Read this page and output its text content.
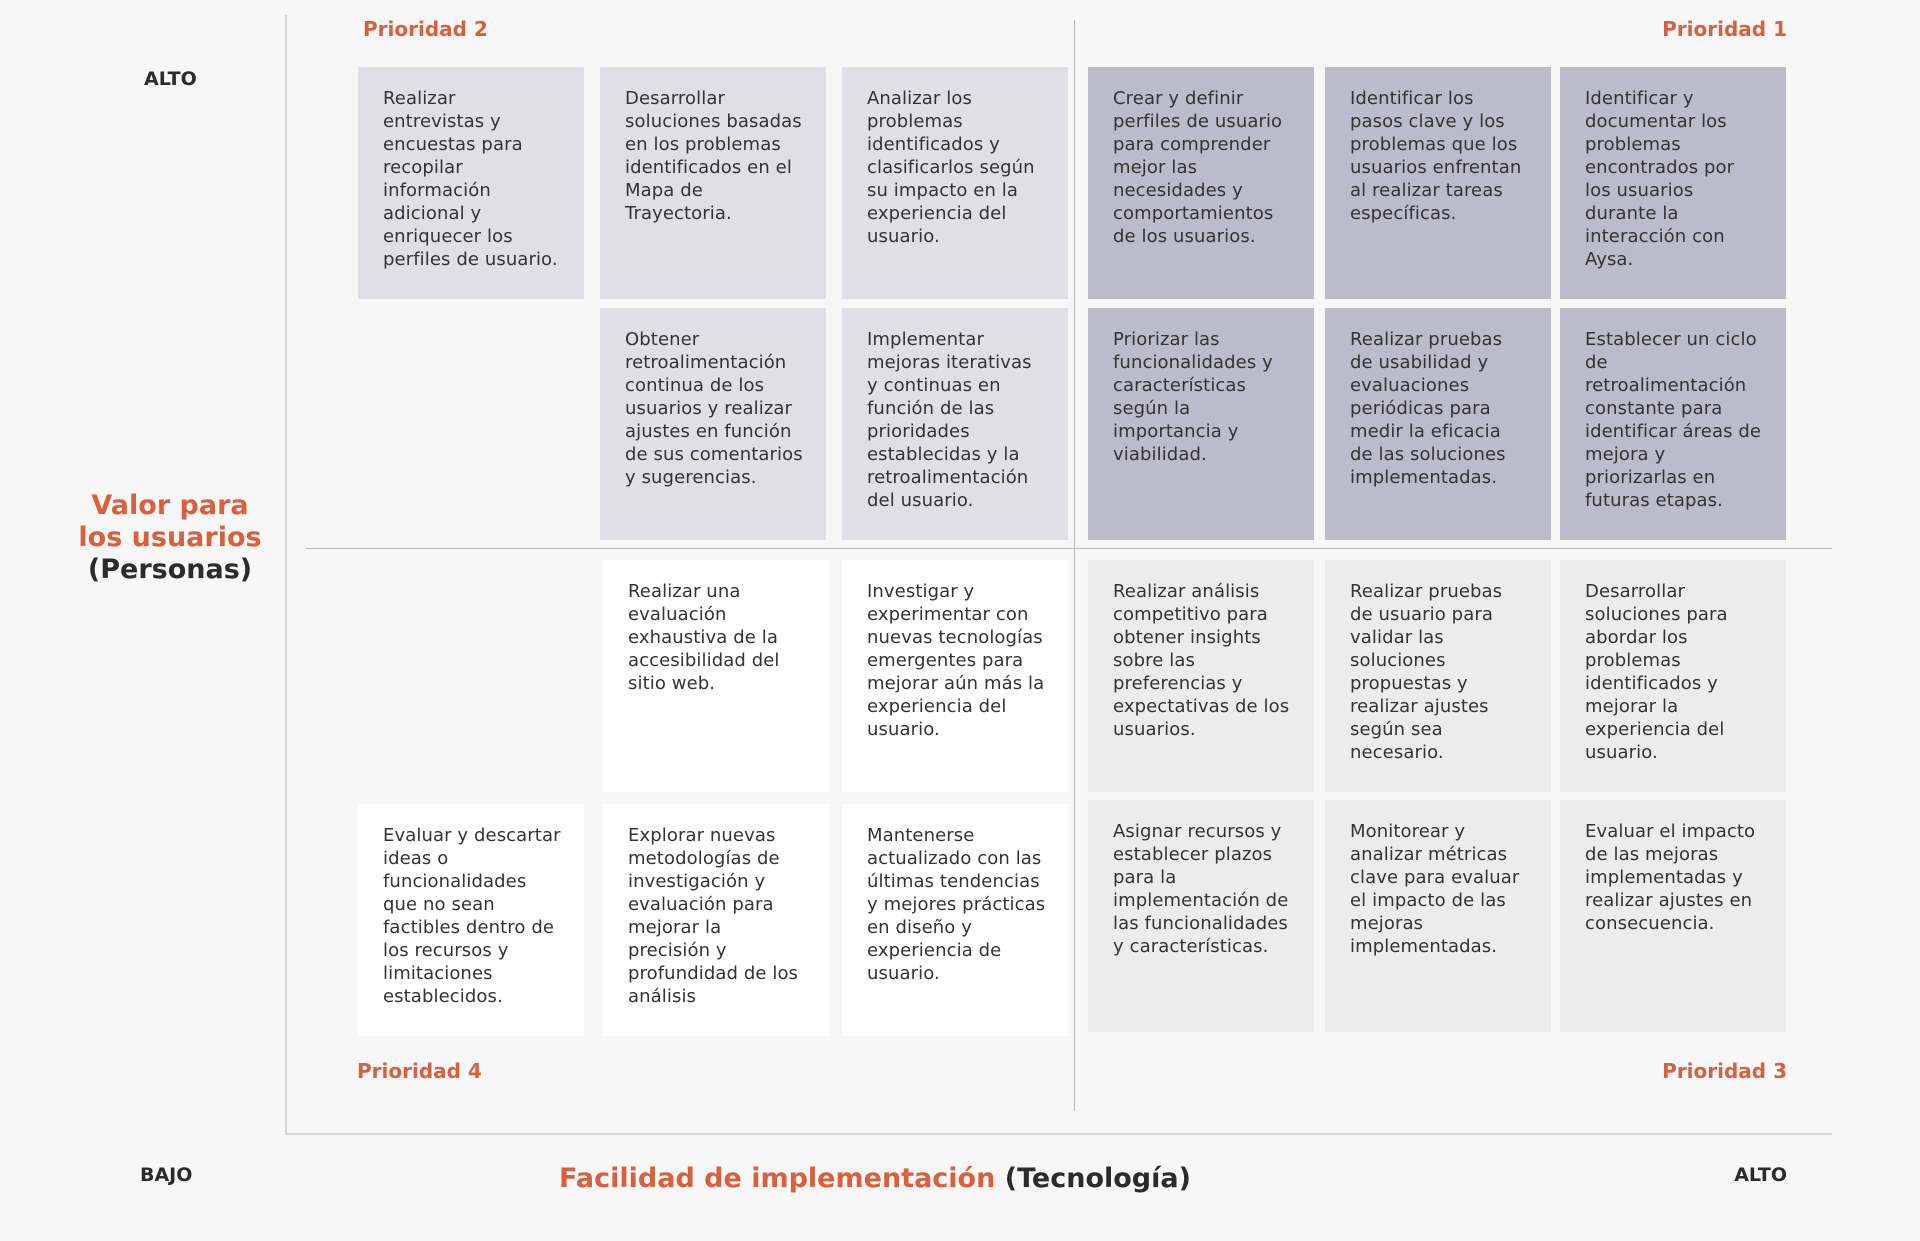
Prioridad 2	Prioridad 1
Prioridad 4	Prioridad 3
ALTO
BAJO	ALTO
Valor para
los usuarios
(Personas)
Facilidad de implementación (Tecnología)
Realizar entrevistas y encuestas para recopilar información adicional y enriquecer los perfiles de usuario.
Desarrollar soluciones basadas en los problemas identificados en el Mapa de Trayectoria.
Analizar los problemas identificados y clasificarlos según su impacto en la experiencia del usuario.
Obtener retroalimentación continua de los usuarios y realizar ajustes en función de sus comentarios y sugerencias.
Implementar mejoras iterativas y continuas en función de las prioridades establecidas y la retroalimentación del usuario.
Crear y definir perfiles de usuario para comprender mejor las necesidades y comportamientos de los usuarios.
Identificar los pasos clave y los problemas que los usuarios enfrentan al realizar tareas específicas.
Identificar y documentar los problemas encontrados por los usuarios durante la interacción con Aysa.
Priorizar las funcionalidades y características según la importancia y viabilidad.
Realizar pruebas de usabilidad y evaluaciones periódicas para medir la eficacia de las soluciones implementadas.
Establecer un ciclo de retroalimentación constante para identificar áreas de mejora y priorizarlas en futuras etapas.
Realizar una evaluación exhaustiva de la accesibilidad del sitio web.
Investigar y experimentar con nuevas tecnologías emergentes para mejorar aún más la experiencia del usuario.
Evaluar y descartar ideas o funcionalidades que no sean factibles dentro de los recursos y limitaciones establecidos.
Explorar nuevas metodologías de investigación y evaluación para mejorar la precisión y profundidad de los análisis
Mantenerse actualizado con las últimas tendencias y mejores prácticas en diseño y experiencia de usuario.
Realizar análisis competitivo para obtener insights sobre las preferencias y expectativas de los usuarios.
Realizar pruebas de usuario para validar las soluciones propuestas y realizar ajustes según sea necesario.
Desarrollar soluciones para abordar los problemas identificados y mejorar la experiencia del usuario.
Asignar recursos y establecer plazos para la implementación de las funcionalidades y características.
Monitorear y analizar métricas clave para evaluar el impacto de las mejoras implementadas.
Evaluar el impacto de las mejoras implementadas y realizar ajustes en consecuencia.
